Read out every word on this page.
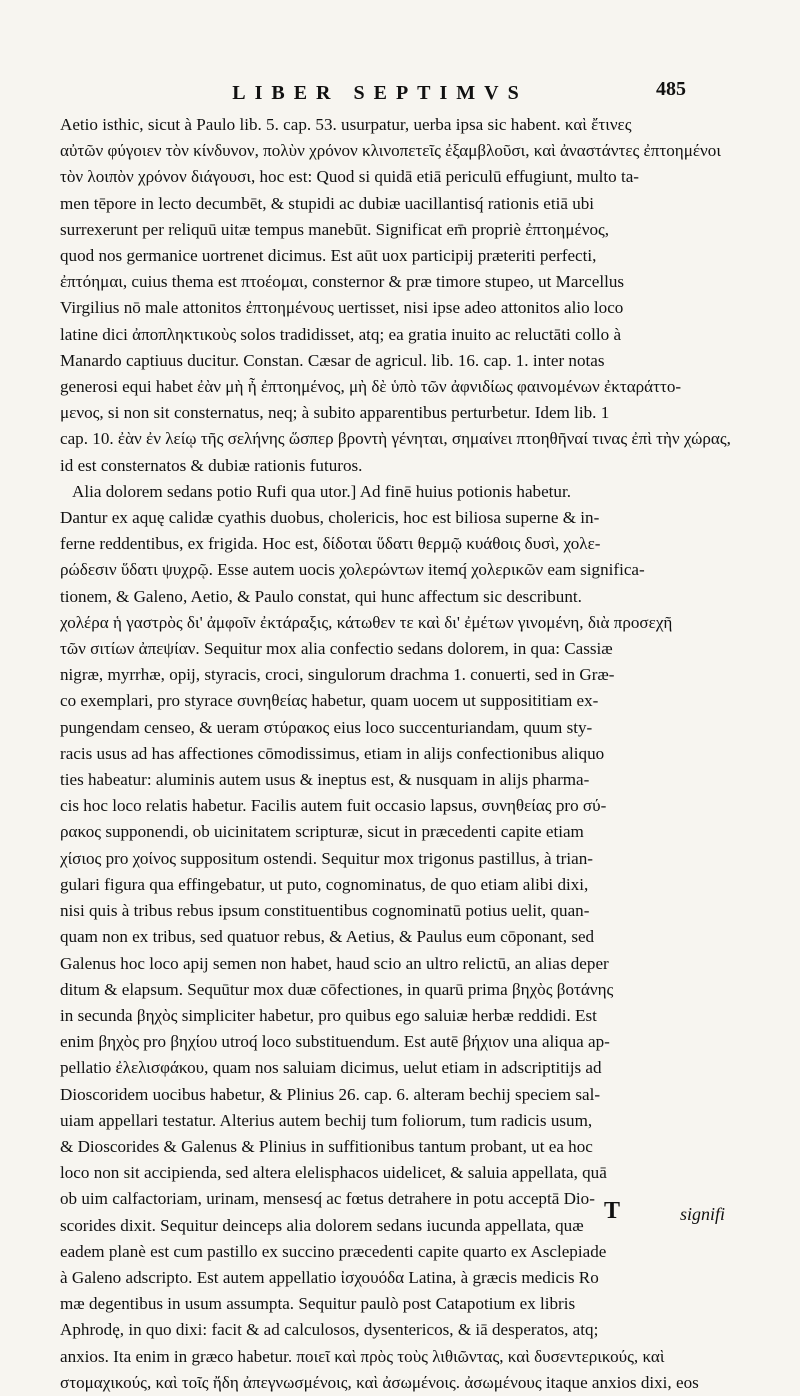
LIBER SEPTIMVS	485
Aetio isthic, sicut à Paulo lib. 5. cap. 53. usurpatur, uerba ipsa sic habent. καὶ ἔτινες
αὐτῶν φύγοιεν τὸν κίνδυνον, πολὺν χρόνον κλινοπετεῖς ἐξαμβλοῦσι, καὶ ἀναστάντες ἐπτοημένοι
τὸν λοιπὸν χρόνον διάγουσι, hoc est: Quod si quidā etiā periculū effugiunt, multo ta-
men tēpore in lecto decumbēt, & stupidi ac dubiæ uacillantisq́ rationis etiā ubi
surrexerunt per reliquū uitæ tempus manebūt. Significat em̄ propriè ἐπτοημένος,
quod nos germanice uortrenet dicimus. Est aūt uox participij præteriti perfecti,
ἐπτόημαι, cuius thema est πτοέομαι, consternor & præ timore stupeo, ut Marcellus
Virgilius nō male attonitos ἐπτοημένους uertisset, nisi ipse adeo attonitos alio loco
latine dici ἀποπληκτικοὺς solos tradidisset, atq; ea gratia inuito ac reluctāti collo à
Manardo captiuus ducitur. Constan. Cæsar de agricul. lib. 16. cap. 1. inter notas
generosi equi habet ἐὰν μὴ ἦ ἐπτοημένος, μὴ δὲ ὑπὸ τῶν ἀφνιδίως φαινομένων ἐκταράττο-
μενος, si non sit consternatus, neq; à subito apparentibus perturbetur. Idem lib. 1
cap. 10. ἐὰν ἐν λείῳ τῆς σελήνης ὥσπερ βροντὴ γένηται, σημαίνει πτοηθῆναί τινας ἐπὶ τὴν χώρας,
id est consternatos & dubiæ rationis futuros.
Alia dolorem sedans potio Rufi qua utor.] Ad finē huius potionis habetur.
Dantur ex aquę calidæ cyathis duobus, cholericis, hoc est biliosa superne & in-
ferne reddentibus, ex frigida. Hoc est, δίδοται ὕδατι θερμῷ κυάθοις δυσὶ, χολε-
ρώδεσιν ὕδατι ψυχρῷ. Esse autem uocis χολερώντων itemq́ χολερικῶν eam significa-
tionem, & Galeno, Aetio, & Paulo constat, qui hunc affectum sic describunt.
χολέρα ἡ γαστρὸς δι' ἀμφοῖν ἐκτάραξις, κάτωθεν τε καὶ δι' ἐμέτων γινομένη, διὰ προσεχῆ
τῶν σιτίων ἀπεψίαν. Sequitur mox alia confectio sedans dolorem, in qua: Cassiæ
nigræ, myrrhæ, opij, styracis, croci, singulorum drachma 1. conuerti, sed in Græ-
co exemplari, pro styrace συνηθείας habetur, quam uocem ut supposititiam ex-
pungendam censeo, & ueram στύρακος eius loco succenturiandam, quum sty-
racis usus ad has affectiones cōmodissimus, etiam in alijs confectionibus aliquo
ties habeatur: aluminis autem usus & ineptus est, & nusquam in alijs pharma-
cis hoc loco relatis habetur. Facilis autem fuit occasio lapsus, συνηθείας pro σύ-
ρακος supponendi, ob uicinitatem scripturæ, sicut in præcedenti capite etiam
χίσιος pro χοίνος suppositum ostendi. Sequitur mox trigonus pastillus, à trian-
gulari figura qua effingebatur, ut puto, cognominatus, de quo etiam alibi dixi,
nisi quis à tribus rebus ipsum constituentibus cognominatū potius uelit, quan-
quam non ex tribus, sed quatuor rebus, & Aetius, & Paulus eum cōponant, sed
Galenus hoc loco apij semen non habet, haud scio an ultro relictū, an alias deper
ditum & elapsum. Sequūtur mox duæ cōfectiones, in quarū prima βηχὸς βοτάνης
in secunda βηχὸς simpliciter habetur, pro quibus ego saluiæ herbæ reddidi. Est
enim βηχὸς pro βηχίου utroq́ loco substituendum. Est autē βήχιον una aliqua ap-
pellatio ἐλελισφάκου, quam nos saluiam dicimus, uelut etiam in adscriptitijs ad
Dioscoridem uocibus habetur, & Plinius 26. cap. 6. alteram bechij speciem sal-
uiam appellari testatur. Alterius autem bechij tum foliorum, tum radicis usum,
& Dioscorides & Galenus & Plinius in suffitionibus tantum probant, ut ea hoc
loco non sit accipienda, sed altera elelisphacos uidelicet, & saluia appellata, quā
ob uim calfactoriam, urinam, mensesq́ ac fœtus detrahere in potu acceptā Dio-
scorides dixit. Sequitur deinceps alia dolorem sedans iucunda appellata, quæ
eadem planè est cum pastillo ex succino præcedenti capite quarto ex Asclepiade
à Galeno adscripto. Est autem appellatio ἰσχουόδα Latina, à græcis medicis Ro
mæ degentibus in usum assumpta. Sequitur paulò post Catapotium ex libris
Aphrodę, in quo dixi: facit & ad calculosos, dysentericos, & iā desperatos, atq;
anxios. Ita enim in græco habetur. ποιεῖ καὶ πρὸς τοὺς λιθιῶντας, καὶ δυσεντερικούς, καὶ
στομαχικούς, καὶ τοῖς ἤδη ἀπεγνωσμένοις, καὶ ἀσωμένοις. ἀσωμένους itaque anxios dixi, eos
T	signifi
